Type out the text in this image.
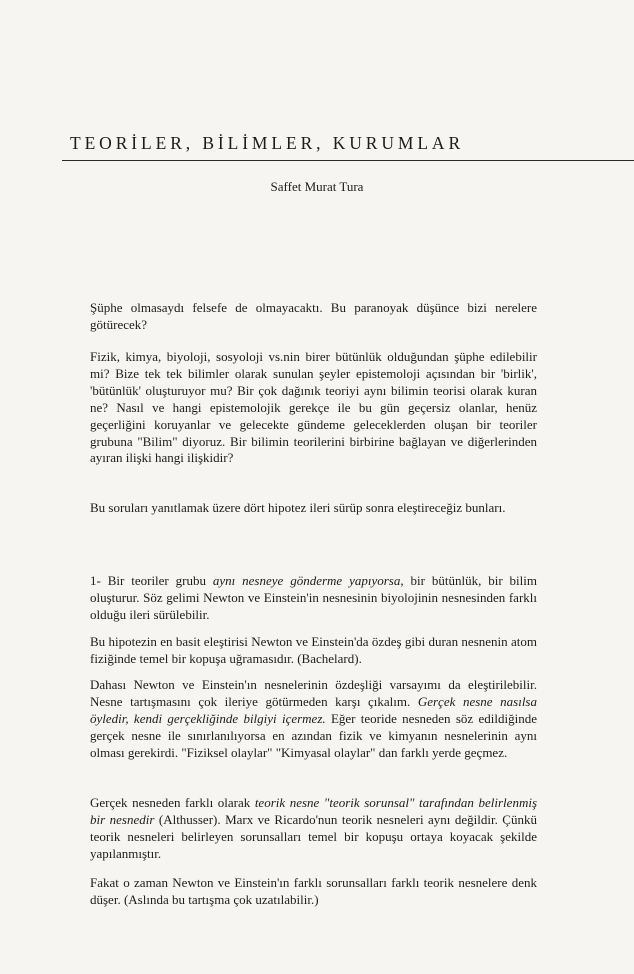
TEORİLER, BİLİMLER, KURUMLAR
Saffet Murat Tura
Şüphe olmasaydı felsefe de olmayacaktı. Bu paranoyak düşünce bizi nerelere götürecek?
Fizik, kimya, biyoloji, sosyoloji vs.nin birer bütünlük olduğundan şüphe edilebilir mi? Bize tek tek bilimler olarak sunulan şeyler epistemoloji açısından bir 'birlik', 'bütünlük' oluşturuyor mu? Bir çok dağınık teoriyi aynı bilimin teorisi olarak kuran ne? Nasıl ve hangi epistemolojik gerekçe ile bu gün geçersiz olanlar, henüz geçerliğini koruyanlar ve gelecekte gündeme geleceklerden oluşan bir teoriler grubuna "Bilim" diyoruz. Bir bilimin teorilerini birbirine bağlayan ve diğerlerinden ayıran ilişki hangi ilişkidir?
Bu soruları yanıtlamak üzere dört hipotez ileri sürüp sonra eleştireceğiz bunları.
1- Bir teoriler grubu aynı nesneye gönderme yapıyorsa, bir bütünlük, bir bilim oluşturur. Söz gelimi Newton ve Einstein'in nesnesinin biyolojinin nesnesinden farklı olduğu ileri sürülebilir.
Bu hipotezin en basit eleştirisi Newton ve Einstein'da özdeş gibi duran nesnenin atom fiziğinde temel bir kopuşa uğramasıdır. (Bachelard).
Dahası Newton ve Einstein'ın nesnelerinin özdeşliği varsayımı da eleştirilebilir. Nesne tartışmasını çok ileriye götürmeden karşı çıkalım. Gerçek nesne nasılsa öyledir, kendi gerçekliğinde bilgiyi içermez. Eğer teoride nesneden söz edildiğinde gerçek nesne ile sınırlanılıyorsa en azından fizik ve kimyanın nesnelerinin aynı olması gerekirdi. "Fiziksel olaylar" "Kimyasal olaylar" dan farklı yerde geçmez.
Gerçek nesneden farklı olarak teorik nesne "teorik sorunsal" tarafından belirlenmiş bir nesnedir (Althusser). Marx ve Ricardo'nun teorik nesneleri aynı değildir. Çünkü teorik nesneleri belirleyen sorunsalları temel bir kopuşu ortaya koyacak şekilde yapılanmıştır.
Fakat o zaman Newton ve Einstein'ın farklı sorunsalları farklı teorik nesnelere denk düşer. (Aslında bu tartışma çok uzatılabilir.)
